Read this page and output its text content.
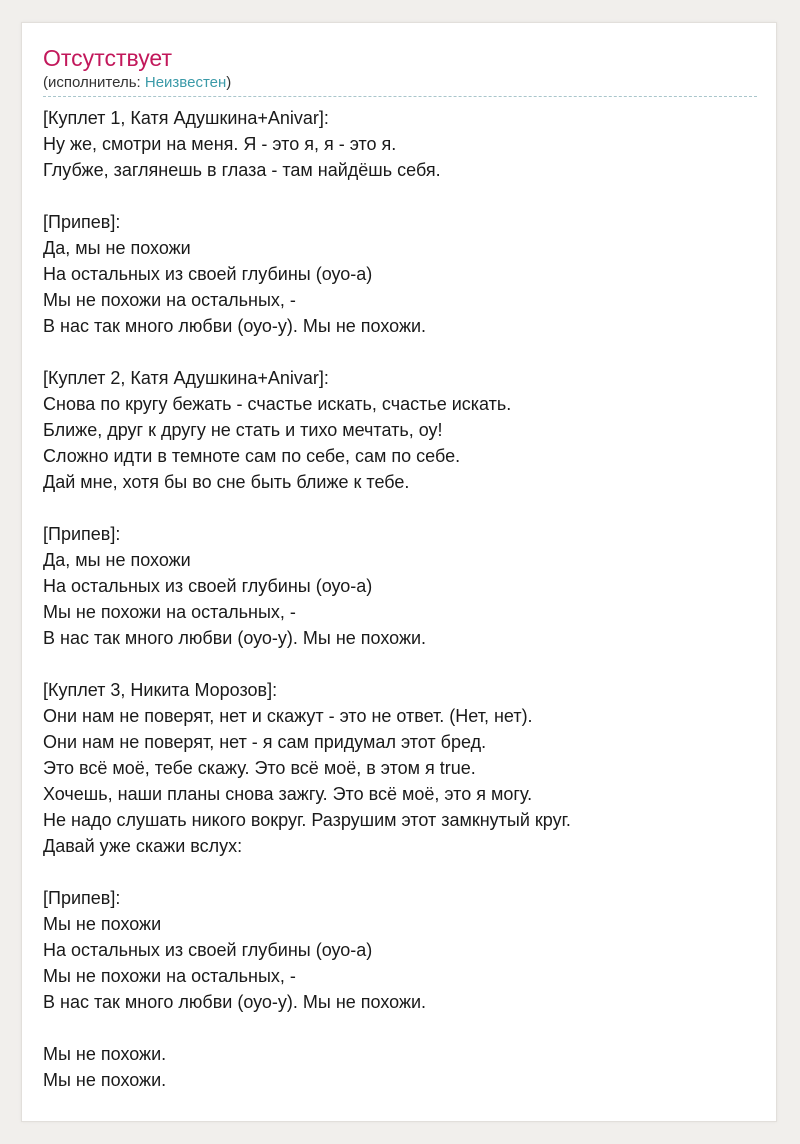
Отсутствует
(исполнитель: Неизвестен)
[Куплет 1, Катя Адушкина+Anivar]:
Ну же, смотри на меня. Я - это я, я - это я.
Глубже, заглянешь в глаза - там найдёшь себя.
[Припев]:
Да, мы не похожи
На остальных из своей глубины (оуо-а)
Мы не похожи на остальных, -
В нас так много любви (оуо-у). Мы не похожи.
[Куплет 2, Катя Адушкина+Anivar]:
Снова по кругу бежать - счастье искать, счастье искать.
Ближе, друг к другу не стать и тихо мечтать, оу!
Сложно идти в темноте сам по себе, сам по себе.
Дай мне, хотя бы во сне быть ближе к тебе.
[Припев]:
Да, мы не похожи
На остальных из своей глубины (оуо-а)
Мы не похожи на остальных, -
В нас так много любви (оуо-у). Мы не похожи.
[Куплет 3, Никита Морозов]:
Они нам не поверят, нет и скажут - это не ответ. (Нет, нет).
Они нам не поверят, нет - я сам придумал этот бред.
Это всё моё, тебе скажу. Это всё моё, в этом я true.
Хочешь, наши планы снова зажгу. Это всё моё, это я могу.
Не надо слушать никого вокруг. Разрушим этот замкнутый круг.
Давай уже скажи вслух:
[Припев]:
Мы не похожи
На остальных из своей глубины (оуо-а)
Мы не похожи на остальных, -
В нас так много любви (оуо-у). Мы не похожи.
Мы не похожи.
Мы не похожи.
